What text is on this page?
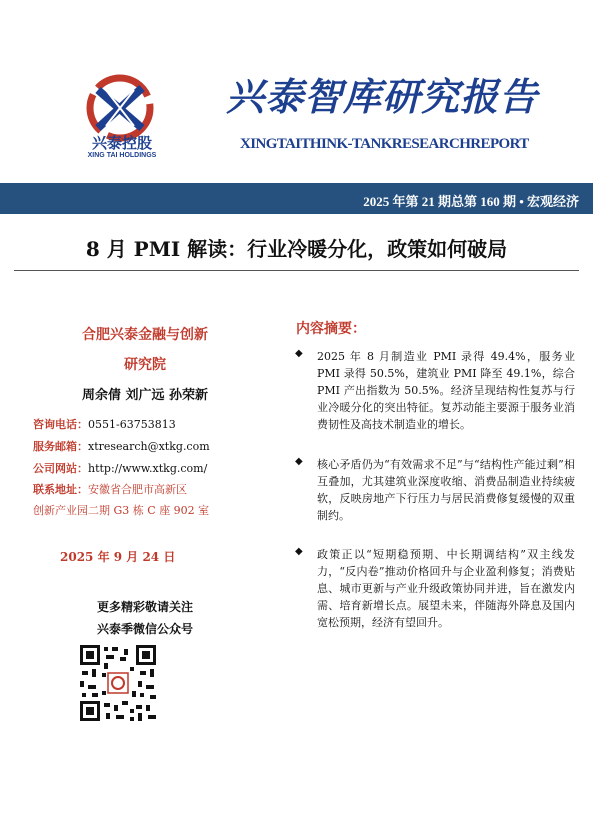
兴泰控股
XING TAI HOLDINGS
兴泰智库研究报告
XINGTAITHINK-TANKRESEARCHREPORT
2025 年第 21 期总第 160 期 • 宏观经济
8 月 PMI 解读：行业冷暖分化，政策如何破局
合肥兴泰金融与创新
研究院
周余倩 刘广远 孙荣新
咨询电话：0551-63753813
服务邮箱：xtresearch@xtkg.com
公司网站：http://www.xtkg.com/
联系地址：安徽省合肥市高新区
创新产业园二期 G3 栋 C 座 902 室
2025 年 9 月 24 日
更多精彩敬请关注
兴泰季微信公众号
内容摘要：
◆ 2025 年 8 月制造业 PMI 录得 49.4%，服务业 PMI 录得 50.5%，建筑业 PMI 降至 49.1%，综合 PMI 产出指数为 50.5%。经济呈现结构性复苏与行业冷暖分化的突出特征。复苏动能主要源于服务业消费韧性及高技术制造业的增长。
◆ 核心矛盾仍为“有效需求不足”与“结构性产能过剩”相互叠加，尤其建筑业深度收缩、消费品制造业持续疲软，反映房地产下行压力与居民消费修复缓慢的双重制约。
◆ 政策正以“短期稳预期、中长期调结构”双主线发力，“反内卷”推动价格回升与企业盈利修复；消费贴息、城市更新与产业升级政策协同并进，旨在激发内需、培育新增长点。展望未来，伴随海外降息及国内宽松预期，经济有望回升。
